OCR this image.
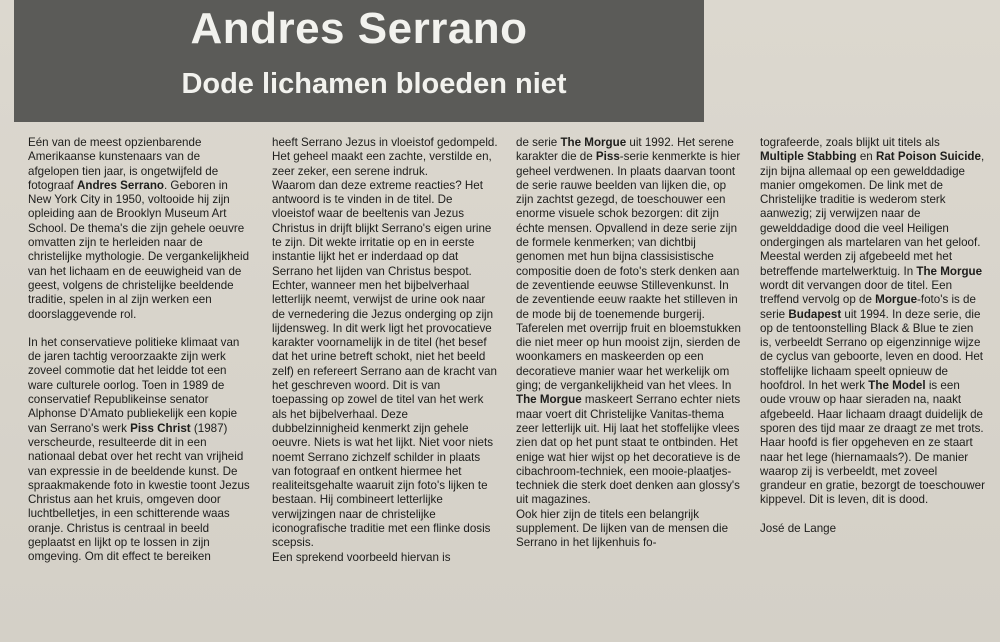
Andres Serrano
Dode lichamen bloeden niet

Eén van de meest opzienbarende Amerikaanse kunstenaars van de afgelopen tien jaar, is ongetwijfeld de fotograaf Andres Serrano. Geboren in New York City in 1950, voltooide hij zijn opleiding aan de Brooklyn Museum Art School. De thema's die zijn gehele oeuvre omvatten zijn te herleiden naar de christelijke mythologie. De vergankelijkheid van het lichaam en de eeuwigheid van de geest, volgens de christelijke beeldende traditie, spelen in al zijn werken een doorslaggevende rol.

In het conservatieve politieke klimaat van de jaren tachtig veroorzaakte zijn werk zoveel commotie dat het leidde tot een ware culturele oorlog. Toen in 1989 de conservatief Republikeinse senator Alphonse D'Amato publiekelijk een kopie van Serrano's werk Piss Christ (1987) verscheurde, resulteerde dit in een nationaal debat over het recht van vrijheid van expressie in de beeldende kunst. De spraakmakende foto in kwestie toont Jezus Christus aan het kruis, omgeven door luchtbelletjes, in een schitterende waas oranje. Christus is centraal in beeld geplaatst en lijkt op te lossen in zijn omgeving. Om dit effect te bereiken

heeft Serrano Jezus in vloeistof gedompeld. Het geheel maakt een zachte, verstilde en, zeer zeker, een serene indruk.

Waarom dan deze extreme reacties? Het antwoord is te vinden in de titel. De vloeistof waar de beeltenis van Jezus Christus in drijft blijkt Serrano's eigen urine te zijn. Dit wekte irritatie op en in eerste instantie lijkt het er inderdaad op dat Serrano het lijden van Christus bespot. Echter, wanneer men het bijbelverhaal letterlijk neemt, verwijst de urine ook naar de vernedering die Jezus onderging op zijn lijdensweg. In dit werk ligt het provocatieve karakter voornamelijk in de titel (het besef dat het urine betreft schokt, niet het beeld zelf) en refereert Serrano aan de kracht van het geschreven woord. Dit is van toepassing op zowel de titel van het werk als het bijbelverhaal. Deze dubbelzinnigheid kenmerkt zijn gehele oeuvre. Niets is wat het lijkt. Niet voor niets noemt Serrano zichzelf schilder in plaats van fotograaf en ontkent hiermee het realiteitsgehalte waaruit zijn foto's lijken te bestaan. Hij combineert letterlijke verwijzingen naar de christelijke iconografische traditie met een flinke dosis scepsis.

Een sprekend voorbeeld hiervan is

de serie The Morgue uit 1992. Het serene karakter die de Piss-serie kenmerkte is hier geheel verdwenen. In plaats daarvan toont de serie rauwe beelden van lijken die, op zijn zachtst gezegd, de toeschouwer een enorme visuele schok bezorgen: dit zijn échte mensen. Opvallend in deze serie zijn de formele kenmerken; van dichtbij genomen met hun bijna classisistische compositie doen de foto's sterk denken aan de zeventiende eeuwse Stillevenkunst. In de zeventiende eeuw raakte het stilleven in de mode bij de toenemende burgerij. Taferelen met overrijp fruit en bloemstukken die niet meer op hun mooist zijn, sierden de woonkamers en maskeerden op een decoratieve manier waar het werkelijk om ging; de vergankelijkheid van het vlees. In The Morgue maskeert Serrano echter niets maar voert dit Christelijke Vanitas-thema zeer letterlijk uit. Hij laat het stoffelijke vlees zien dat op het punt staat te ontbinden. Het enige wat hier wijst op het decoratieve is de cibachroom-techniek, een mooie-plaatjes-techniek die sterk doet denken aan glossy's uit magazines.

Ook hier zijn de titels een belangrijk supplement. De lijken van de mensen die Serrano in het lijkenhuis fo-

tografeerde, zoals blijkt uit titels als Multiple Stabbing en Rat Poison Suicide, zijn bijna allemaal op een gewelddadige manier omgekomen. De link met de Christelijke traditie is wederom sterk aanwezig; zij verwijzen naar de gewelddadige dood die veel Heiligen ondergingen als martelaren van het geloof. Meestal werden zij afgebeeld met het betreffende martelwerktuig. In The Morgue wordt dit vervangen door de titel. Een treffend vervolg op de Morgue-foto's is de serie Budapest uit 1994. In deze serie, die op de tentoonstelling Black & Blue te zien is, verbeeldt Serrano op eigenzinnige wijze de cyclus van geboorte, leven en dood. Het stoffelijke lichaam speelt opnieuw de hoofdrol. In het werk The Model is een oude vrouw op haar sieraden na, naakt afgebeeld. Haar lichaam draagt duidelijk de sporen des tijd maar ze draagt ze met trots. Haar hoofd is fier opgeheven en ze staart naar het lege (hiernamaals?). De manier waarop zij is verbeeldt, met zoveel grandeur en gratie, bezorgt de toeschouwer kippevel. Dit is leven, dit is dood.

José de Lange
